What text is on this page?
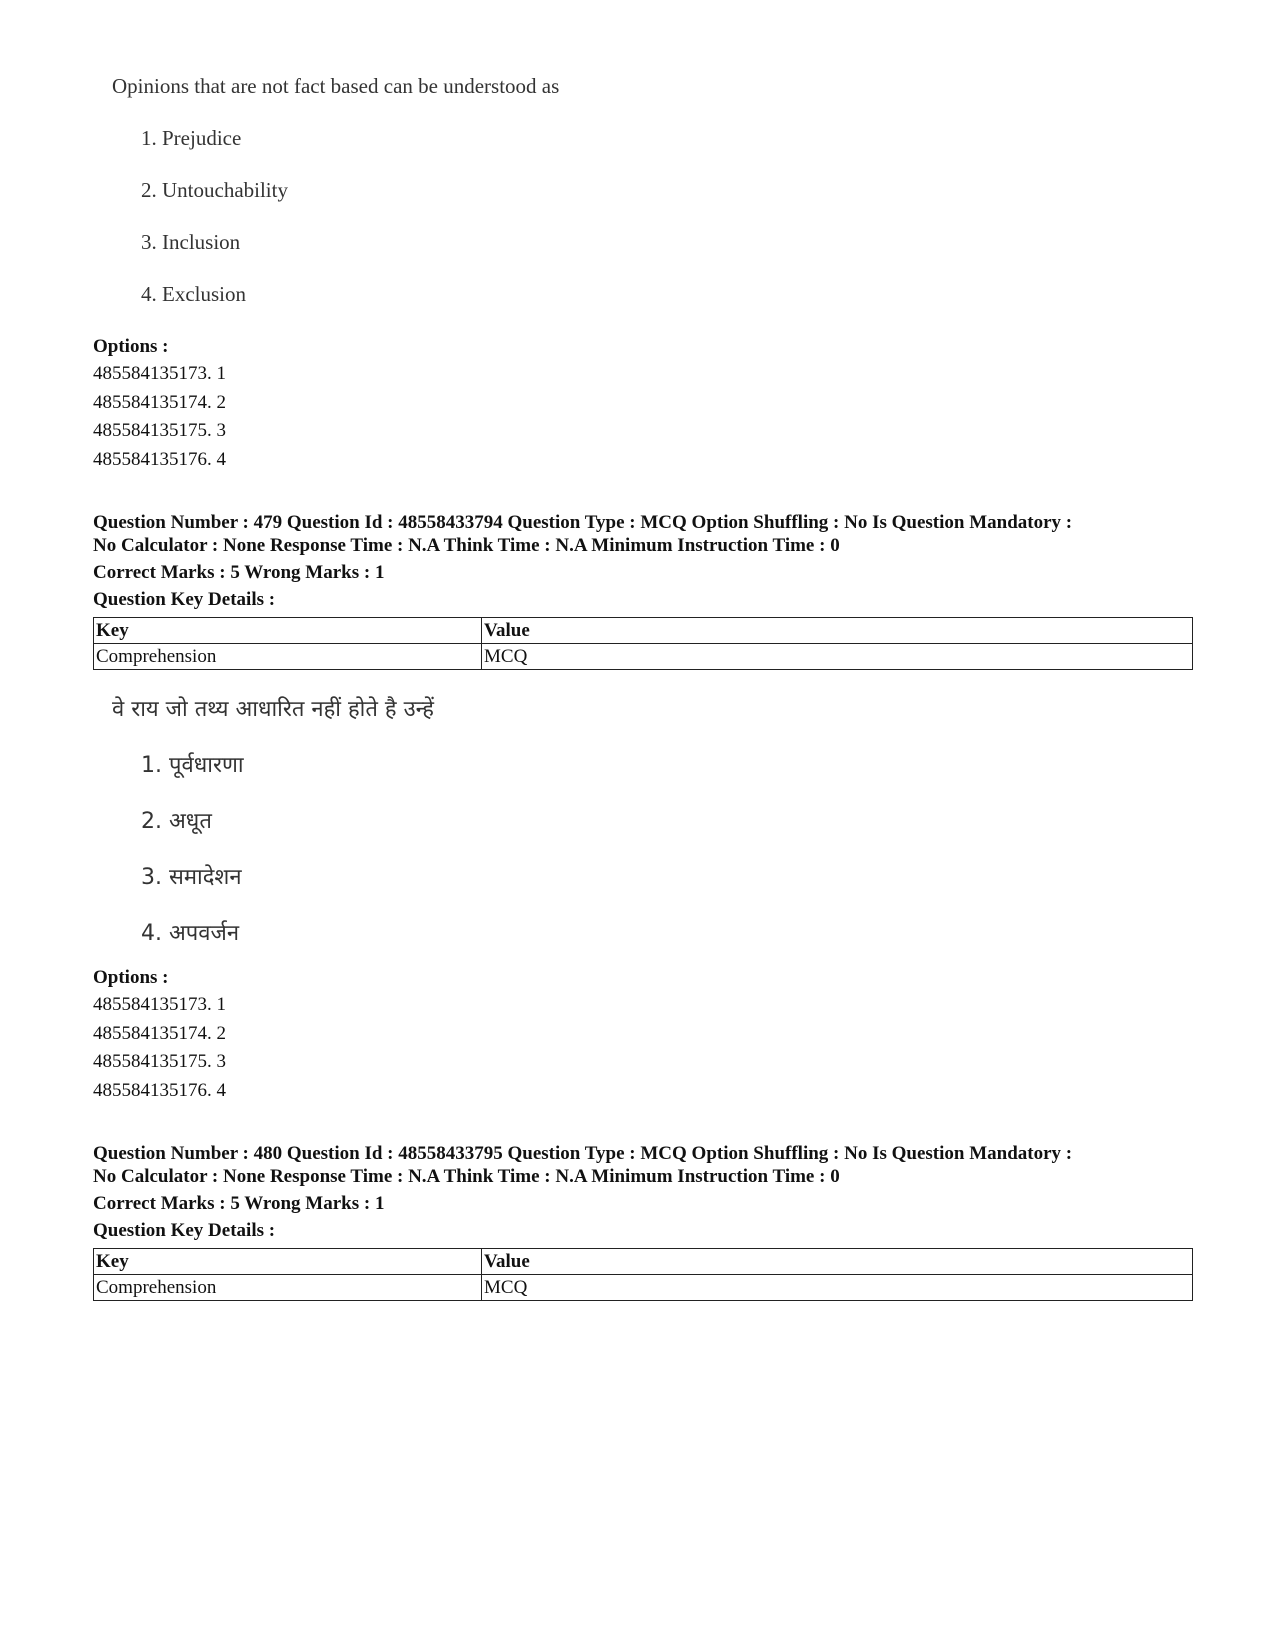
Opinions that are not fact based can be understood as

1. Prejudice

2. Untouchability

3. Inclusion

4. Exclusion

Options :

485584135173. 1
485584135174. 2
485584135175. 3
485584135176. 4

Question Number : 479 Question Id : 48558433794 Question Type : MCQ Option Shuffling : No Is Question Mandatory :

No Calculator : None Response Time : N.A Think Time : N.A Minimum Instruction Time : 0

Correct Marks : 5 Wrong Marks : 1

Question Key Details :

Key	Value
Comprehension	MCQ

वे राय जो तथ्य आधारित नहीं होते है उन्हें

1. पूर्वधारणा

2. अधूत

3. समादेशन

4. अपवर्जन

Options :

485584135173. 1
485584135174. 2
485584135175. 3
485584135176. 4

Question Number : 480 Question Id : 48558433795 Question Type : MCQ Option Shuffling : No Is Question Mandatory :

No Calculator : None Response Time : N.A Think Time : N.A Minimum Instruction Time : 0

Correct Marks : 5 Wrong Marks : 1

Question Key Details :

Key	Value
Comprehension	MCQ
